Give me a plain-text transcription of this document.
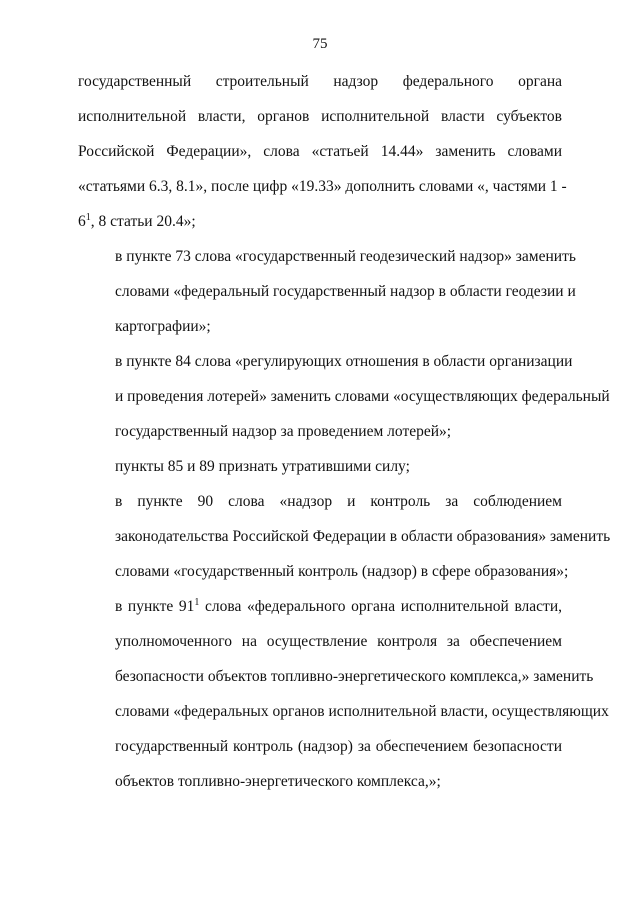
75

государственный строительный надзор федерального органа
исполнительной власти, органов исполнительной власти субъектов
Российской Федерации», слова «статьей 14.44» заменить словами
«статьями 6.3, 8.1», после цифр «19.33» дополнить словами «, частями 1 -
$6^1$, 8 статьи 20.4»;

в пункте 73 слова «государственный геодезический надзор» заменить
словами «федеральный государственный надзор в области геодезии и
картографии»;

в пункте 84 слова «регулирующих отношения в области организации
и проведения лотерей» заменить словами «осуществляющих федеральный
государственный надзор за проведением лотерей»;

пункты 85 и 89 признать утратившими силу;

в пункте 90 слова «надзор и контроль за соблюдением
законодательства Российской Федерации в области образования» заменить
словами «государственный контроль (надзор) в сфере образования»;

в пункте $91^1$ слова «федерального органа исполнительной власти,
уполномоченного на осуществление контроля за обеспечением
безопасности объектов топливно-энергетического комплекса,» заменить
словами «федеральных органов исполнительной власти, осуществляющих
государственный контроль (надзор) за обеспечением безопасности
объектов топливно-энергетического комплекса,»;
